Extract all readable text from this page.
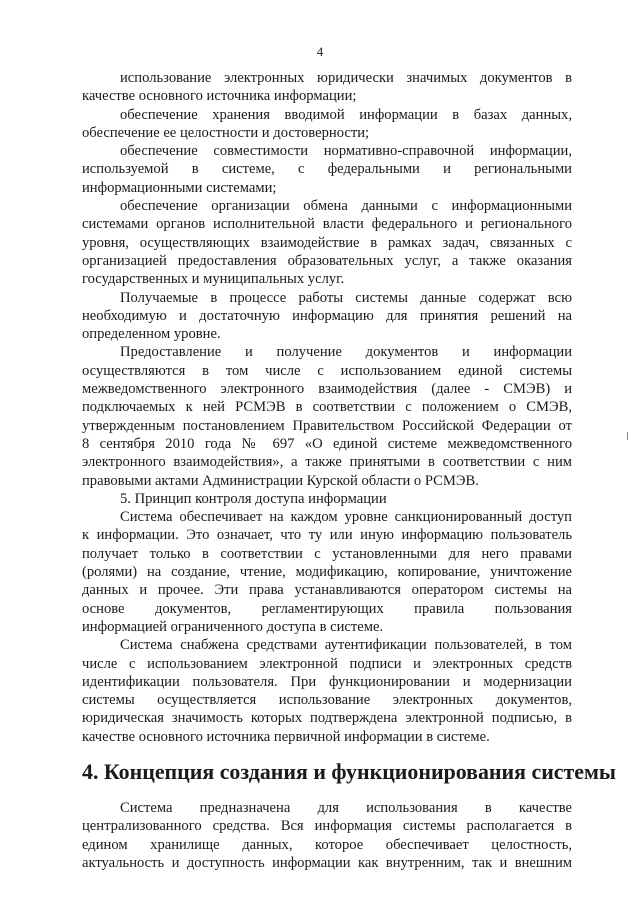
4
использование электронных юридически значимых документов в
качестве основного источника информации;
обеспечение хранения вводимой информации в базах данных,
обеспечение ее целостности и достоверности;
обеспечение совместимости нормативно-справочной информации,
используемой в системе, с федеральными и региональными
информационными системами;
обеспечение организации обмена данными с информационными
системами органов исполнительной власти федерального и регионального
уровня, осуществляющих взаимодействие в рамках задач, связанных с
организацией предоставления образовательных услуг, а также оказания
государственных и муниципальных услуг.
Получаемые в процессе работы системы данные содержат всю
необходимую и достаточную информацию для принятия решений на
определенном уровне.
Предоставление и получение документов и информации
осуществляются в том числе с использованием единой системы
межведомственного электронного взаимодействия (далее - СМЭВ) и
подключаемых к ней РСМЭВ в соответствии с положением о СМЭВ,
утвержденным постановлением Правительством Российской Федерации от
8 сентября 2010 года № 697 «О единой системе межведомственного
электронного взаимодействия», а также принятыми в соответствии с ним
правовыми актами Администрации Курской области о РСМЭВ.
5. Принцип контроля доступа информации
Система обеспечивает на каждом уровне санкционированный доступ
к информации. Это означает, что ту или иную информацию пользователь
получает только в соответствии с установленными для него правами
(ролями) на создание, чтение, модификацию, копирование, уничтожение
данных и прочее. Эти права устанавливаются оператором системы на
основе документов, регламентирующих правила пользования
информацией ограниченного доступа в системе.
Система снабжена средствами аутентификации пользователей, в том
числе с использованием электронной подписи и электронных средств
идентификации пользователя. При функционировании и модернизации
системы осуществляется использование электронных документов,
юридическая значимость которых подтверждена электронной подписью, в
качестве основного источника первичной информации в системе.
4. Концепция создания и функционирования системы
Система предназначена для использования в качестве
централизованного средства. Вся информация системы располагается в
едином хранилище данных, которое обеспечивает целостность,
актуальность и доступность информации как внутренним, так и внешним
